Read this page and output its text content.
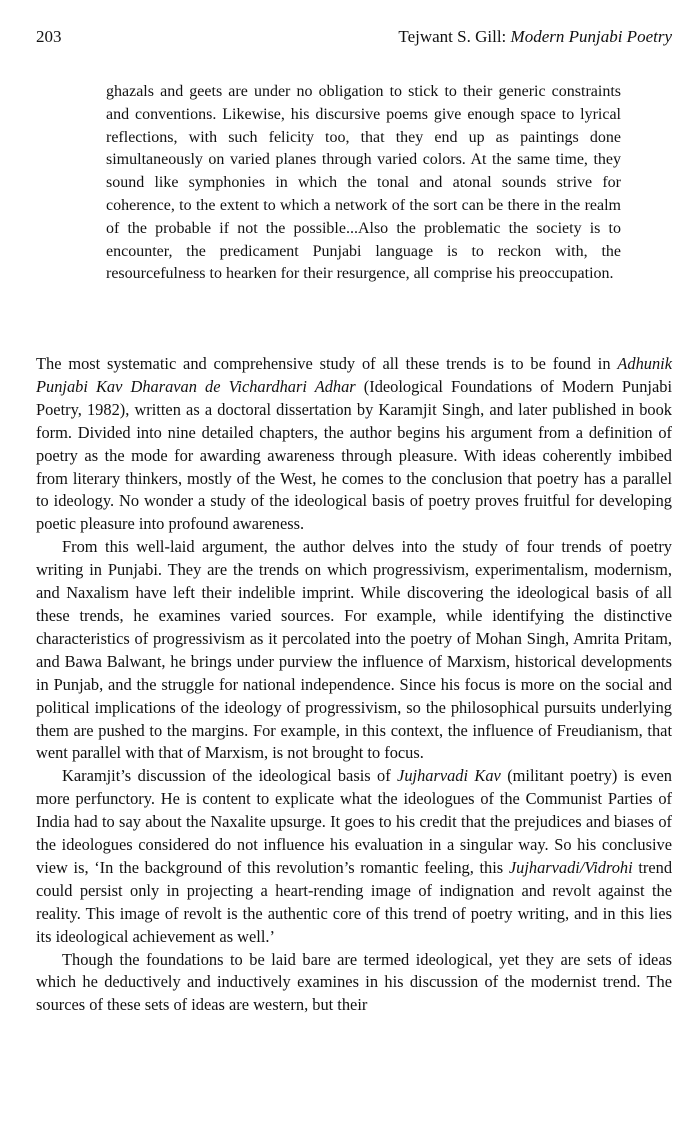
203	Tejwant S. Gill: Modern Punjabi Poetry

ghazals and geets are under no obligation to stick to their generic constraints and conventions. Likewise, his discursive poems give enough space to lyrical reflections, with such felicity too, that they end up as paintings done simultaneously on varied planes through varied colors. At the same time, they sound like symphonies in which the tonal and atonal sounds strive for coherence, to the extent to which a network of the sort can be there in the realm of the probable if not the possible...Also the problematic the society is to encounter, the predicament Punjabi language is to reckon with, the resourcefulness to hearken for their resurgence, all comprise his preoccupation.

The most systematic and comprehensive study of all these trends is to be found in Adhunik Punjabi Kav Dharavan de Vichardhari Adhar (Ideological Foundations of Modern Punjabi Poetry, 1982), written as a doctoral dissertation by Karamjit Singh, and later published in book form. Divided into nine detailed chapters, the author begins his argument from a definition of poetry as the mode for awarding awareness through pleasure. With ideas coherently imbibed from literary thinkers, mostly of the West, he comes to the conclusion that poetry has a parallel to ideology. No wonder a study of the ideological basis of poetry proves fruitful for developing poetic pleasure into profound awareness.

From this well-laid argument, the author delves into the study of four trends of poetry writing in Punjabi. They are the trends on which progressivism, experimentalism, modernism, and Naxalism have left their indelible imprint. While discovering the ideological basis of all these trends, he examines varied sources. For example, while identifying the distinctive characteristics of progressivism as it percolated into the poetry of Mohan Singh, Amrita Pritam, and Bawa Balwant, he brings under purview the influence of Marxism, historical developments in Punjab, and the struggle for national independence. Since his focus is more on the social and political implications of the ideology of progressivism, so the philosophical pursuits underlying them are pushed to the margins. For example, in this context, the influence of Freudianism, that went parallel with that of Marxism, is not brought to focus.

Karamjit’s discussion of the ideological basis of Jujharvadi Kav (militant poetry) is even more perfunctory. He is content to explicate what the ideologues of the Communist Parties of India had to say about the Naxalite upsurge. It goes to his credit that the prejudices and biases of the ideologues considered do not influence his evaluation in a singular way. So his conclusive view is, ‘In the background of this revolution’s romantic feeling, this Jujharvadi/Vidrohi trend could persist only in projecting a heart-rending image of indignation and revolt against the reality. This image of revolt is the authentic core of this trend of poetry writing, and in this lies its ideological achievement as well.’

Though the foundations to be laid bare are termed ideological, yet they are sets of ideas which he deductively and inductively examines in his discussion of the modernist trend. The sources of these sets of ideas are western, but their
